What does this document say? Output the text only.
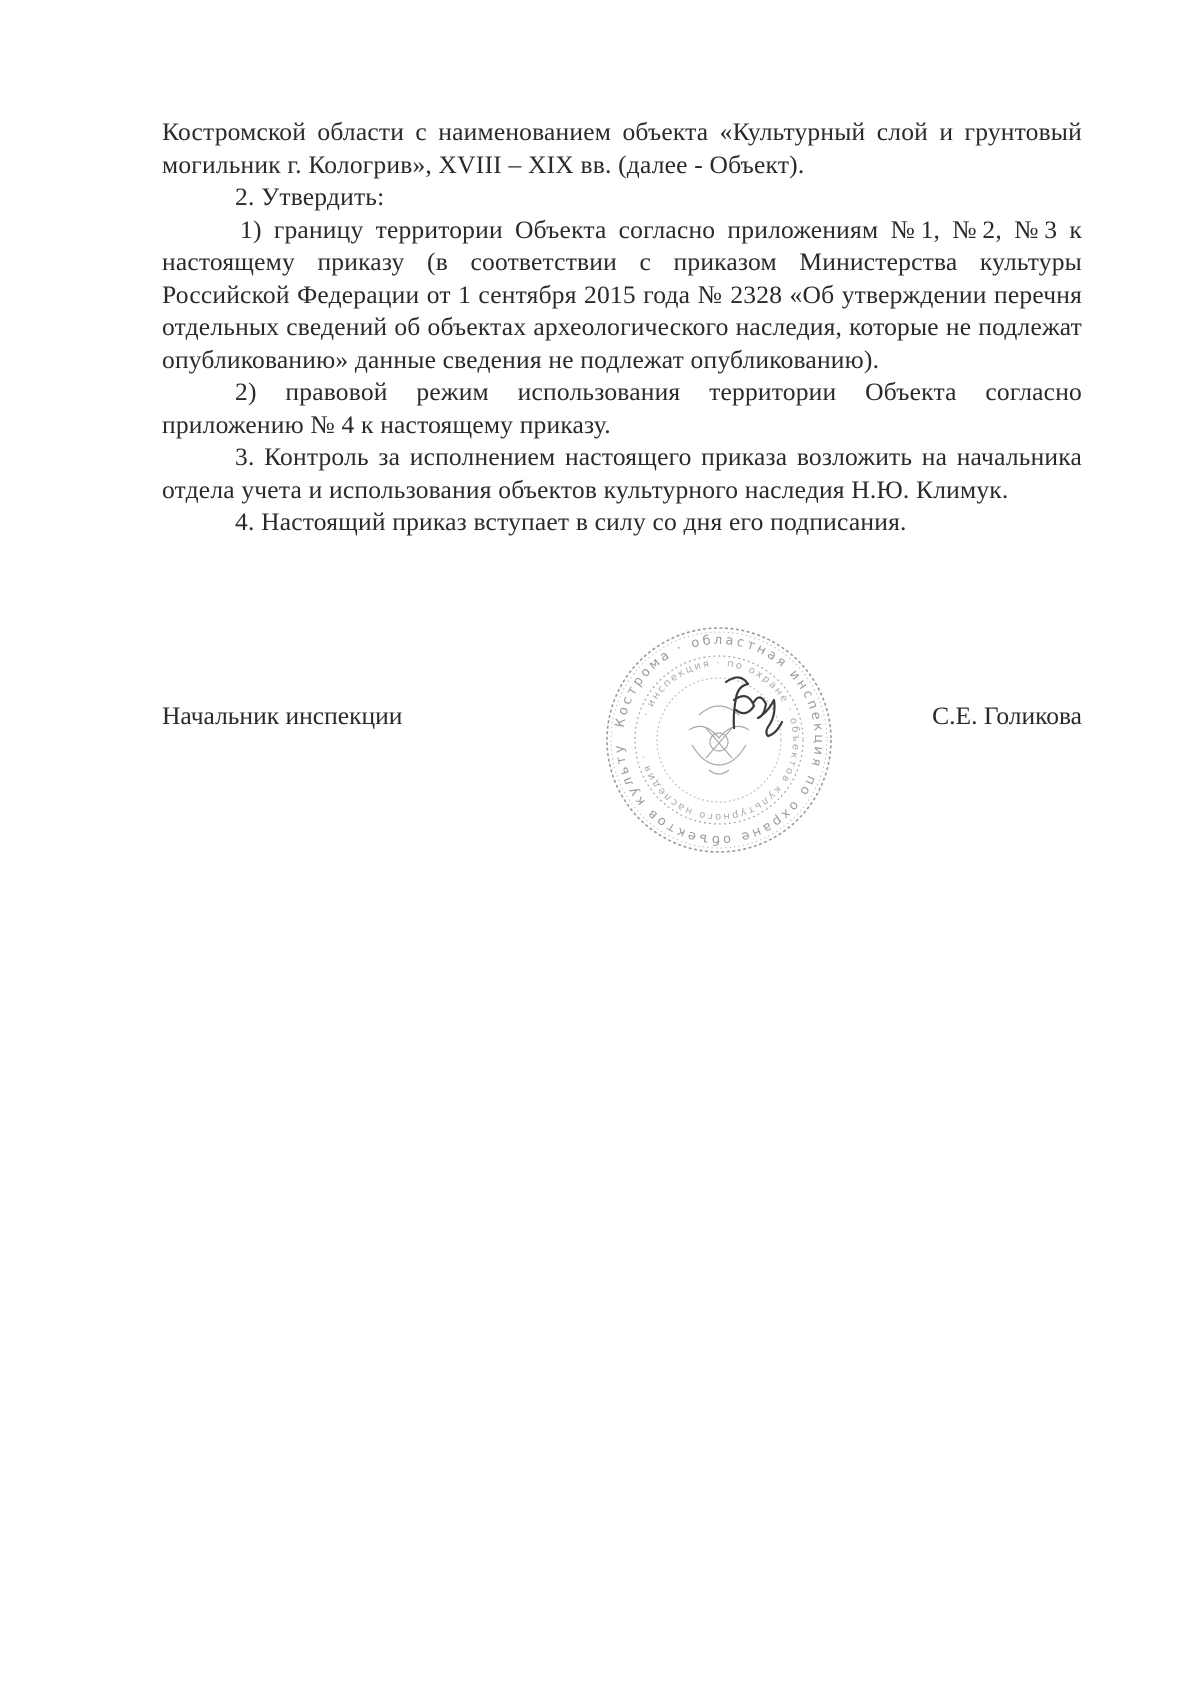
Костромской области с наименованием объекта «Культурный слой и грунтовый могильник г. Кологрив», XVIII – XIX вв. (далее - Объект).

2. Утвердить:

1) границу территории Объекта согласно приложениям №1, №2, №3 к настоящему приказу (в соответствии с приказом Министерства культуры Российской Федерации от 1 сентября 2015 года № 2328 «Об утверждении перечня отдельных сведений об объектах археологического наследия, которые не подлежат опубликованию» данные сведения не подлежат опубликованию).

2) правовой режим использования территории Объекта согласно приложению № 4 к настоящему приказу.

3. Контроль за исполнением настоящего приказа возложить на начальника отдела учета и использования объектов культурного наследия Н.Ю. Климук.

4. Настоящий приказ вступает в силу со дня его подписания.

Начальник инспекции	С.Е. Голикова
Кострома · областная инспекция по охране объектов культу
· инспекция · по охране · объектов культурного наследия ·
